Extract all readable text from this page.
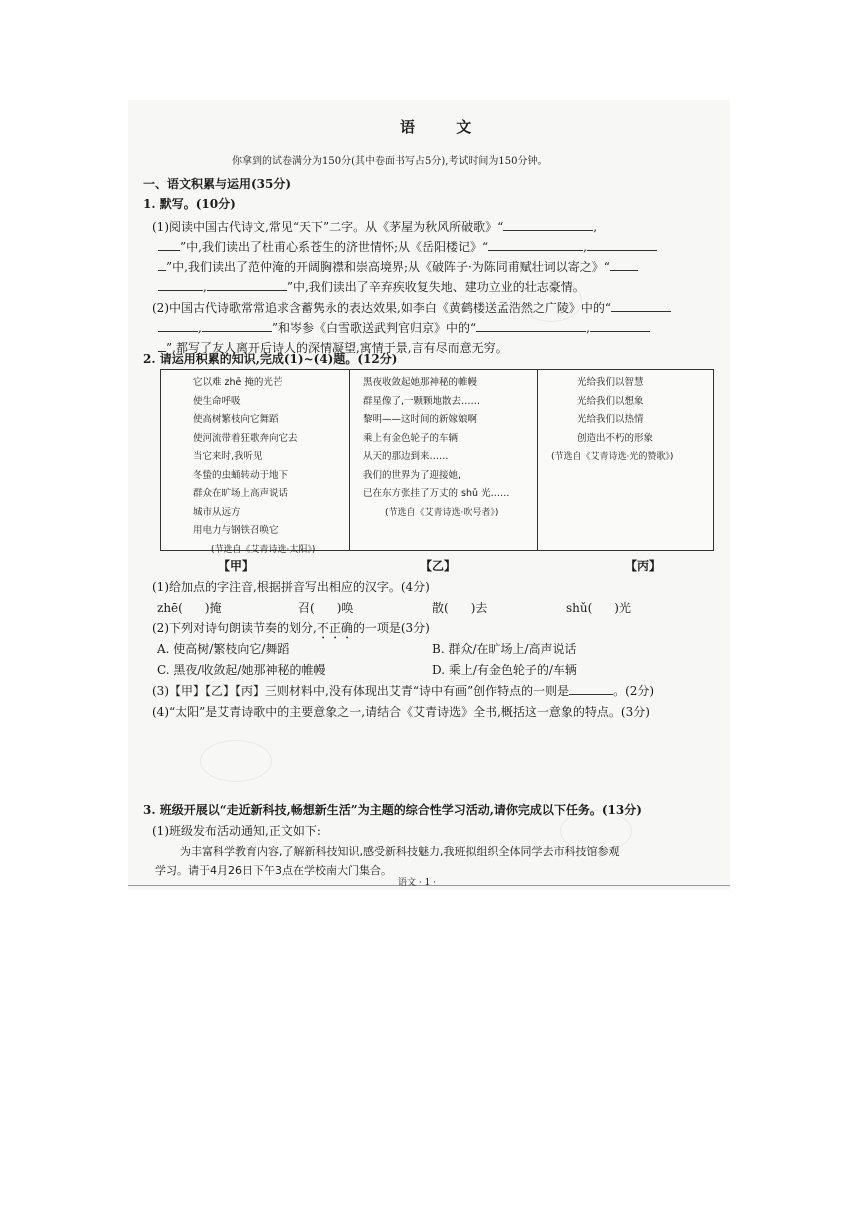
语 文
你拿到的试卷满分为150分(其中卷面书写占5分),考试时间为150分钟。
一、语文积累与运用(35分)
1. 默写。(10分)
(1)阅读中国古代诗文,常见“天下”二字。从《茅屋为秋风所破歌》“	,
”中,我们读出了杜甫心系苍生的济世情怀;从《岳阳楼记》“	,
”中,我们读出了范仲淹的开阔胸襟和崇高境界;从《破阵子·为陈同甫赋壮词以寄之》“
,	”中,我们读出了辛弃疾收复失地、建功立业的壮志豪情。
(2)中国古代诗歌常常追求含蓄隽永的表达效果,如李白《黄鹤楼送孟浩然之广陵》中的“
,	”和岑参《白雪歌送武判官归京》中的“	,
”,都写了友人离开后诗人的深情凝望,寓情于景,言有尽而意无穷。
2. 请运用积累的知识,完成(1)~(4)题。(12分)
它以难 zhē 掩的光芒
使生命呼吸
使高树繁枝向它舞蹈
使河流带着狂歌奔向它去
当它来时,我听见
冬蛰的虫蛹转动于地下
群众在旷场上高声说话
城市从远方
用电力与钢铁召唤它
(节选自《艾青诗选·太阳》)
黑夜收敛起她那神秘的帷幔
群星像了,一颗颗地散去……
黎明——这时间的新嫁娘啊
乘上有金色轮子的车辆
从天的那边到来……
我们的世界为了迎接她,
已在东方张挂了万丈的 shǔ 光……
(节选自《艾青诗选·吹号者》)
光给我们以智慧
光给我们以想象
光给我们以热情
创造出不朽的形象
(节选自《艾青诗选·光的赞歌》)
【甲】	【乙】	【丙】
(1)给加点的字注音,根据拼音写出相应的汉字。(4分)
zhē( )掩	召( )唤	散( )去	shǔ( )光
(2)下列对诗句朗读节奏的划分,不正确的一项是(3分)
A. 使高树/繁枝向它/舞蹈	B. 群众/在旷场上/高声说话
C. 黑夜/收敛起/她那神秘的帷幔	D. 乘上/有金色轮子的/车辆
(3)【甲】【乙】【丙】三则材料中,没有体现出艾青“诗中有画”创作特点的一则是	。(2分)
(4)“太阳”是艾青诗歌中的主要意象之一,请结合《艾青诗选》全书,概括这一意象的特点。(3分)
3. 班级开展以“走近新科技,畅想新生活”为主题的综合性学习活动,请你完成以下任务。(13分)
(1)班级发布活动通知,正文如下:
为丰富科学教育内容,了解新科技知识,感受新科技魅力,我班拟组织全体同学去市科技馆参观
学习。请于4月26日下午3点在学校南大门集合。
语文 · 1 ·
